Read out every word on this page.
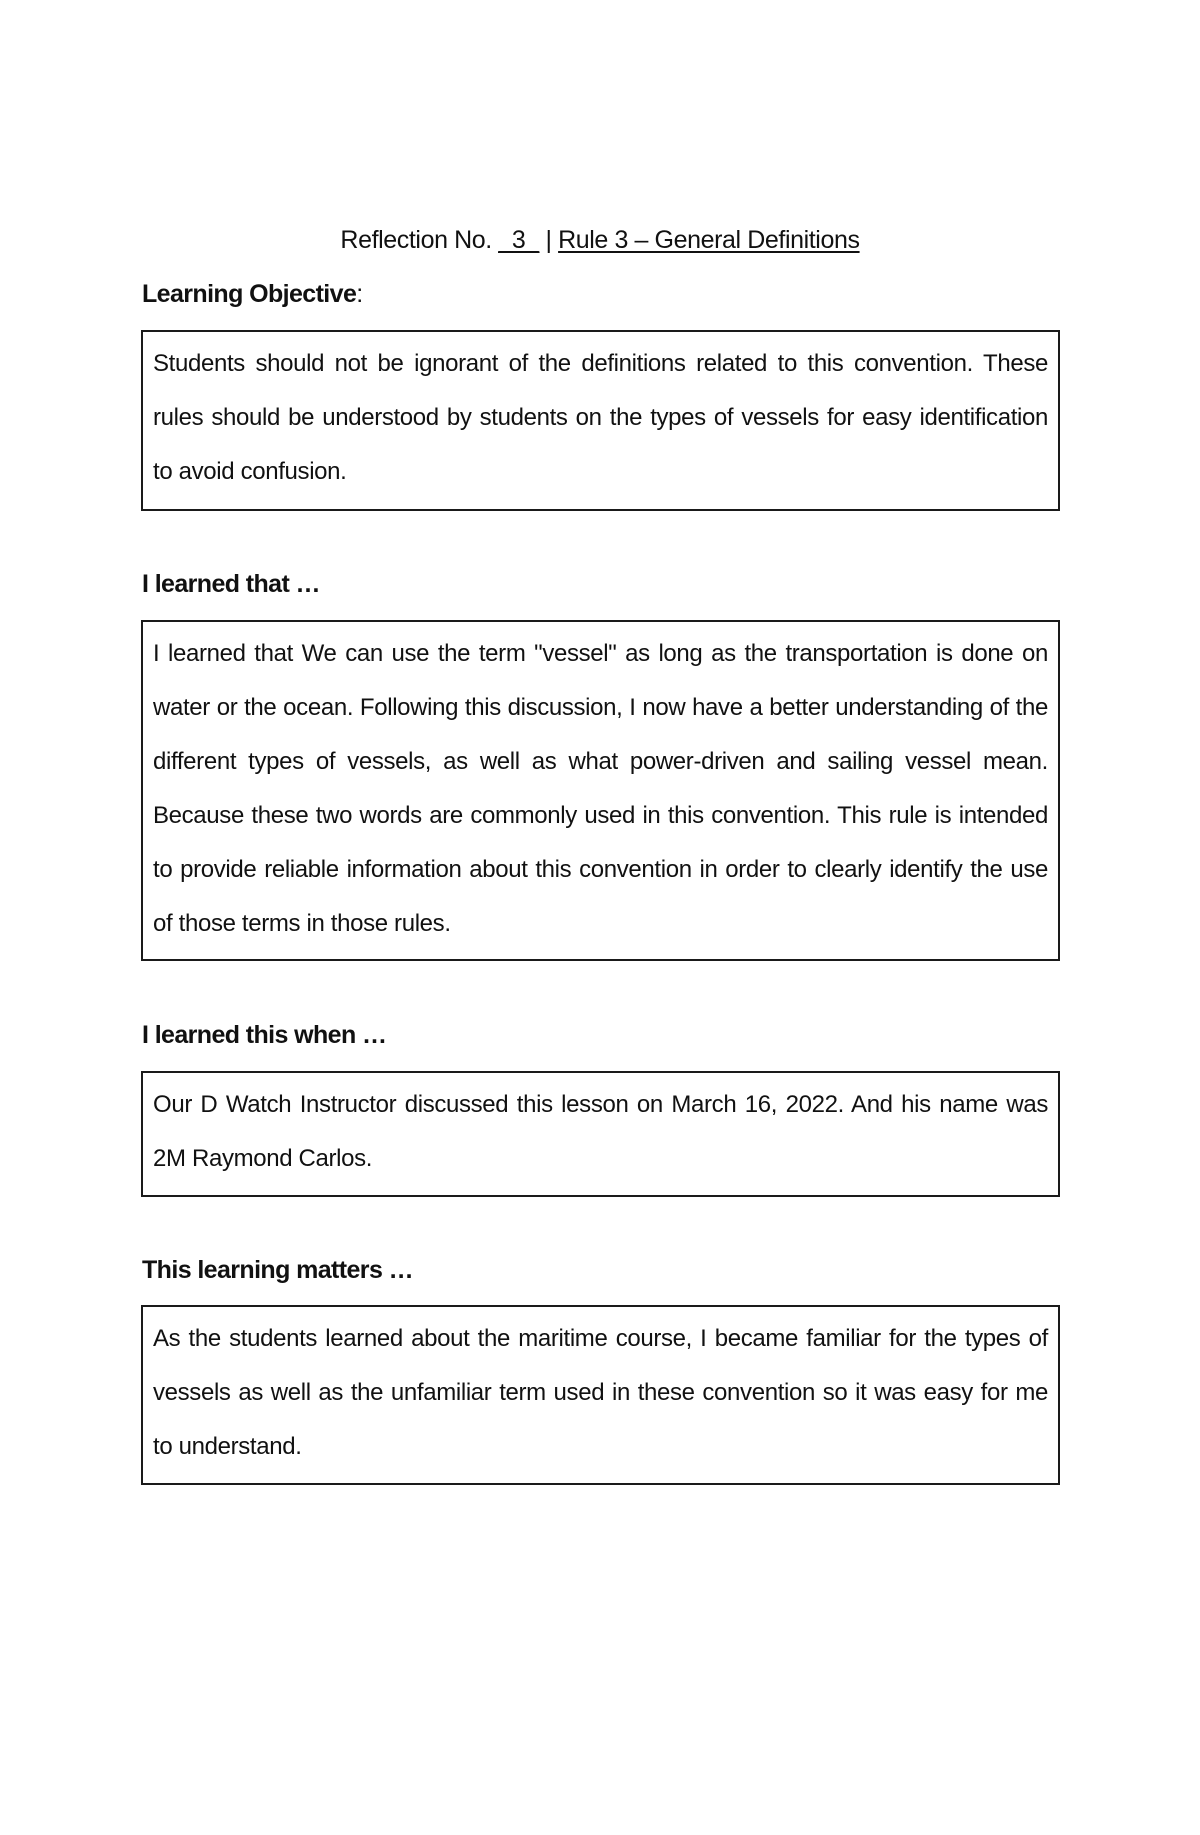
Reflection No. _3_ | Rule 3 – General Definitions
Learning Objective:

Students should not be ignorant of the definitions related to this convention. These rules should be understood by students on the types of vessels for easy identification to avoid confusion.

I learned that …

I learned that We can use the term "vessel" as long as the transportation is done on water or the ocean. Following this discussion, I now have a better understanding of the different types of vessels, as well as what power-driven and sailing vessel mean. Because these two words are commonly used in this convention. This rule is intended to provide reliable information about this convention in order to clearly identify the use of those terms in those rules.

I learned this when …

Our D Watch Instructor discussed this lesson on March 16, 2022. And his name was 2M Raymond Carlos.

This learning matters …

As the students learned about the maritime course, I became familiar for the types of vessels as well as the unfamiliar term used in these convention so it was easy for me to understand.
